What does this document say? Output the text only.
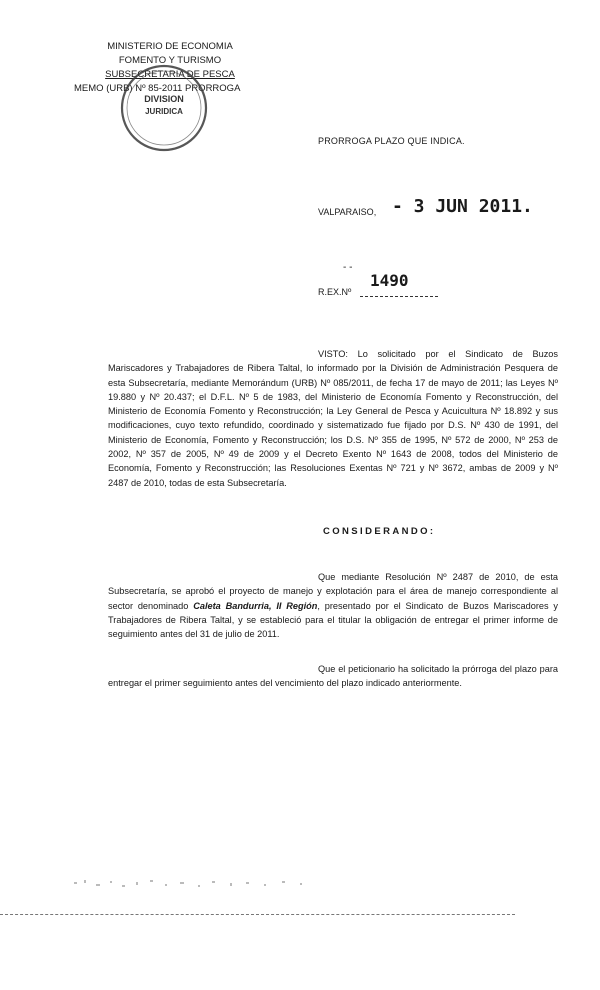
MINISTERIO DE ECONOMIA
FOMENTO Y TURISMO
SUBSECRETARIA DE PESCA
MEMO (URB) Nº 85-2011 PRORROGA
DIVISION
JURIDICA
PRORROGA PLAZO QUE INDICA.
VALPARAISO, - 3 JUN 2011.
- -
1490
R.EX.Nº
VISTO: Lo solicitado por el Sindicato de Buzos Mariscadores y Trabajadores de Ribera Taltal, lo informado por la División de Administración Pesquera de esta Subsecretaría, mediante Memorándum (URB) Nº 085/2011, de fecha 17 de mayo de 2011; las Leyes Nº 19.880 y Nº 20.437; el D.F.L. Nº 5 de 1983, del Ministerio de Economía Fomento y Reconstrucción, del Ministerio de Economía Fomento y Reconstrucción; la Ley General de Pesca y Acuicultura Nº 18.892 y sus modificaciones, cuyo texto refundido, coordinado y sistematizado fue fijado por D.S. Nº 430 de 1991, del Ministerio de Economía, Fomento y Reconstrucción; los D.S. Nº 355 de 1995, Nº 572 de 2000, Nº 253 de 2002, Nº 357 de 2005, Nº 49 de 2009 y el Decreto Exento Nº 1643 de 2008, todos del Ministerio de Economía, Fomento y Reconstrucción; las Resoluciones Exentas Nº 721 y Nº 3672, ambas de 2009 y Nº 2487 de 2010, todas de esta Subsecretaría.
CONSIDERANDO:
Que mediante Resolución Nº 2487 de 2010, de esta Subsecretaría, se aprobó el proyecto de manejo y explotación para el área de manejo correspondiente al sector denominado Caleta Bandurria, II Región, presentado por el Sindicato de Buzos Mariscadores y Trabajadores de Ribera Taltal, y se estableció para el titular la obligación de entregar el primer informe de seguimiento antes del 31 de julio de 2011.
Que el peticionario ha solicitado la prórroga del plazo para entregar el primer seguimiento antes del vencimiento del plazo indicado anteriormente.
